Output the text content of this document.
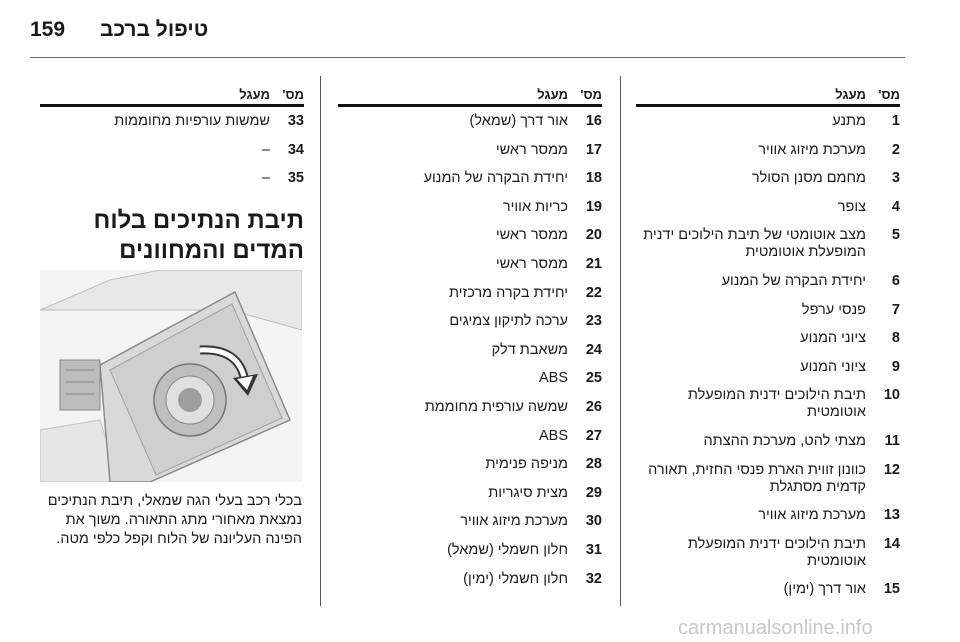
159 טיפול ברכב
מס'
מעגל
1
מתנע
2
מערכת מיזוג אוויר
3
מחמם מסנן הסולר
4
צופר
5
מצב אוטומטי של תיבת הילוכים ידנית המופעלת אוטומטית
6
יחידת הבקרה של המנוע
7
פנסי ערפל
8
ציוני המנוע
9
ציוני המנוע
10
תיבת הילוכים ידנית המופעלת אוטומטית
11
מצתי להט, מערכת ההצתה
12
כוונון זווית הארת פנסי החזית, תאורה קדמית מסתגלת
13
מערכת מיזוג אוויר
14
תיבת הילוכים ידנית המופעלת אוטומטית
15
אור דרך (ימין)
מס'
מעגל
16
אור דרך (שמאל)
17
ממסר ראשי
18
יחידת הבקרה של המנוע
19
כריות אוויר
20
ממסר ראשי
21
ממסר ראשי
22
יחידת בקרה מרכזית
23
ערכה לתיקון צמיגים
24
משאבת דלק
25
ABS
26
שמשה עורפית מחוממת
27
ABS
28
מניפה פנימית
29
מצית סיגריות
30
מערכת מיזוג אוויר
31
חלון חשמלי (שמאל)
32
חלון חשמלי (ימין)
מס'
מעגל
33
שמשות עורפיות מחוממות
34
–
35
–
תיבת הנתיכים בלוח המדים והמחוונים
בכלי רכב בעלי הגה שמאלי, תיבת הנתיכים נמצאת מאחורי מתג התאורה. משוך את הפינה העליונה של הלוח וקפל כלפי מטה.
carmanualsonline.info
